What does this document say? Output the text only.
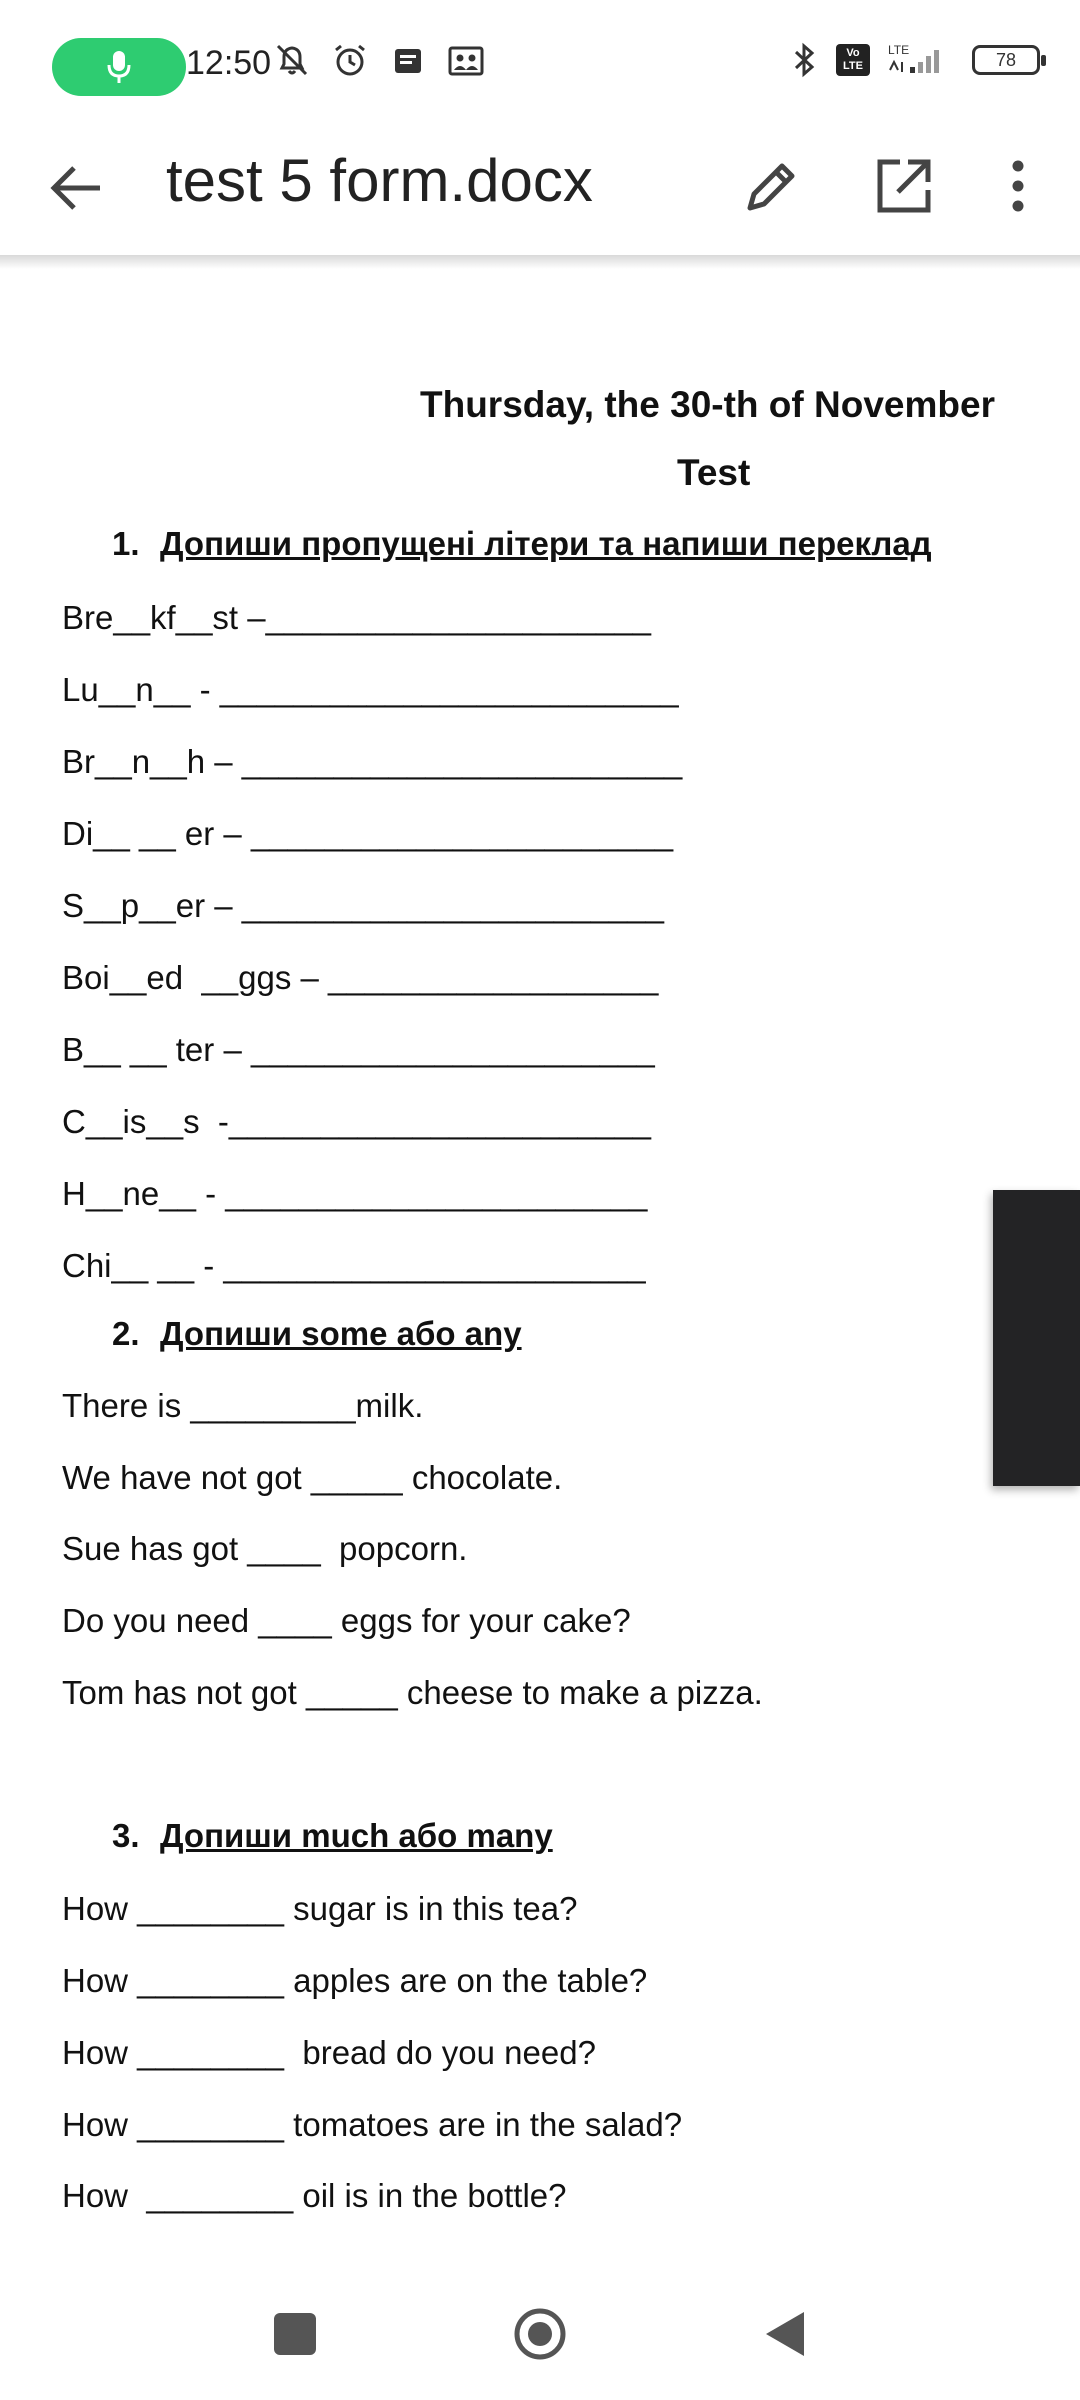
12:50	Vo
LTE
LTE	78
test 5 form.docx
Thursday, the 30-th of November
Test
1. Допиши пропущені літери та напиши переклад
Bre__kf__st –_____________________
Lu__n__ - _________________________
Br__n__h – ________________________
Di__ __ er – _______________________
S__p__er – _______________________
Boi__ed  __ggs – __________________
B__ __ ter – ______________________
C__is__s  -_______________________
H__ne__ - _______________________
Chi__ __ - _______________________
2. Допиши some або any
There is _________milk.
We have not got _____ chocolate.
Sue has got ____  popcorn.
Do you need ____ eggs for your cake?
Tom has not got _____ cheese to make a pizza.
3. Допиши much або many
How ________ sugar is in this tea?
How ________ apples are on the table?
How ________  bread do you need?
How ________ tomatoes are in the salad?
How  ________ oil is in the bottle?
